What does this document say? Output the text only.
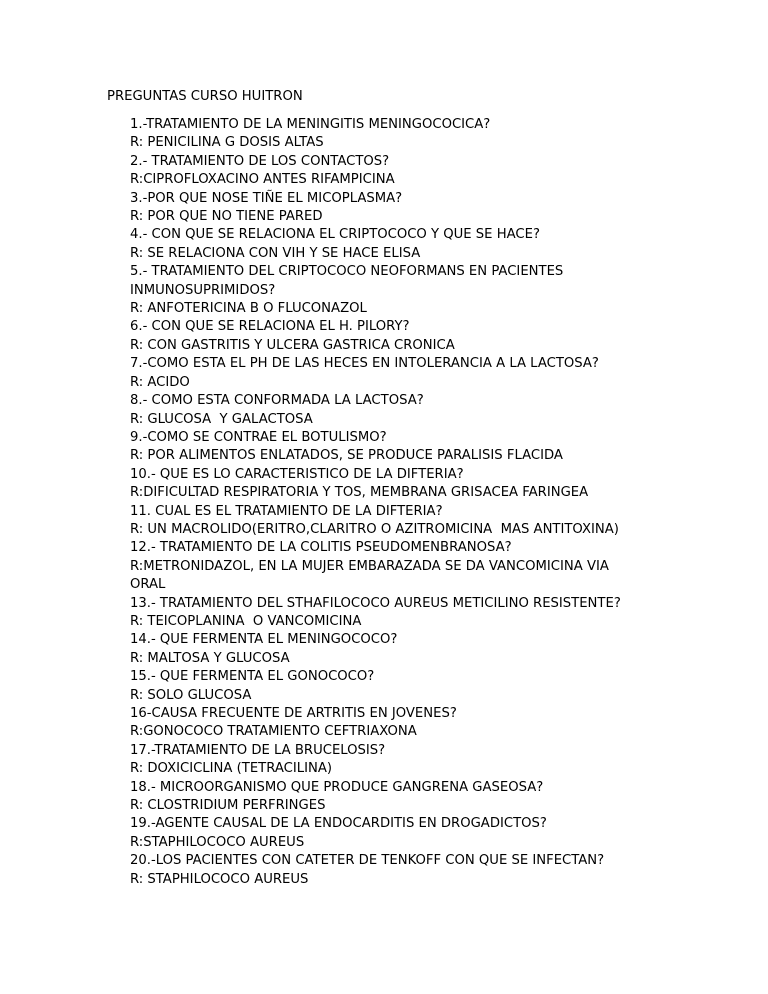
PREGUNTAS CURSO HUITRON
1.-TRATAMIENTO DE LA MENINGITIS MENINGOCOCICA?
R: PENICILINA G DOSIS ALTAS
2.- TRATAMIENTO DE LOS CONTACTOS?
R:CIPROFLOXACINO ANTES RIFAMPICINA
3.-POR QUE NOSE TIÑE EL MICOPLASMA?
R: POR QUE NO TIENE PARED
4.- CON QUE SE RELACIONA EL CRIPTOCOCO Y QUE SE HACE?
R: SE RELACIONA CON VIH Y SE HACE ELISA
5.- TRATAMIENTO DEL CRIPTOCOCO NEOFORMANS EN PACIENTES
INMUNOSUPRIMIDOS?
R: ANFOTERICINA B O FLUCONAZOL
6.- CON QUE SE RELACIONA EL H. PILORY?
R: CON GASTRITIS Y ULCERA GASTRICA CRONICA
7.-COMO ESTA EL PH DE LAS HECES EN INTOLERANCIA A LA LACTOSA?
R: ACIDO
8.- COMO ESTA CONFORMADA LA LACTOSA?
R: GLUCOSA  Y GALACTOSA
9.-COMO SE CONTRAE EL BOTULISMO?
R: POR ALIMENTOS ENLATADOS, SE PRODUCE PARALISIS FLACIDA
10.- QUE ES LO CARACTERISTICO DE LA DIFTERIA?
R:DIFICULTAD RESPIRATORIA Y TOS, MEMBRANA GRISACEA FARINGEA
11. CUAL ES EL TRATAMIENTO DE LA DIFTERIA?
R: UN MACROLIDO(ERITRO,CLARITRO O AZITROMICINA  MAS ANTITOXINA)
12.- TRATAMIENTO DE LA COLITIS PSEUDOMENBRANOSA?
R:METRONIDAZOL, EN LA MUJER EMBARAZADA SE DA VANCOMICINA VIA
ORAL
13.- TRATAMIENTO DEL STHAFILOCOCO AUREUS METICILINO RESISTENTE?
R: TEICOPLANINA  O VANCOMICINA
14.- QUE FERMENTA EL MENINGOCOCO?
R: MALTOSA Y GLUCOSA
15.- QUE FERMENTA EL GONOCOCO?
R: SOLO GLUCOSA
16-CAUSA FRECUENTE DE ARTRITIS EN JOVENES?
R:GONOCOCO TRATAMIENTO CEFTRIAXONA
17.-TRATAMIENTO DE LA BRUCELOSIS?
R: DOXICICLINA (TETRACILINA)
18.- MICROORGANISMO QUE PRODUCE GANGRENA GASEOSA?
R: CLOSTRIDIUM PERFRINGES
19.-AGENTE CAUSAL DE LA ENDOCARDITIS EN DROGADICTOS?
R:STAPHILOCOCO AUREUS
20.-LOS PACIENTES CON CATETER DE TENKOFF CON QUE SE INFECTAN?
R: STAPHILOCOCO AUREUS
